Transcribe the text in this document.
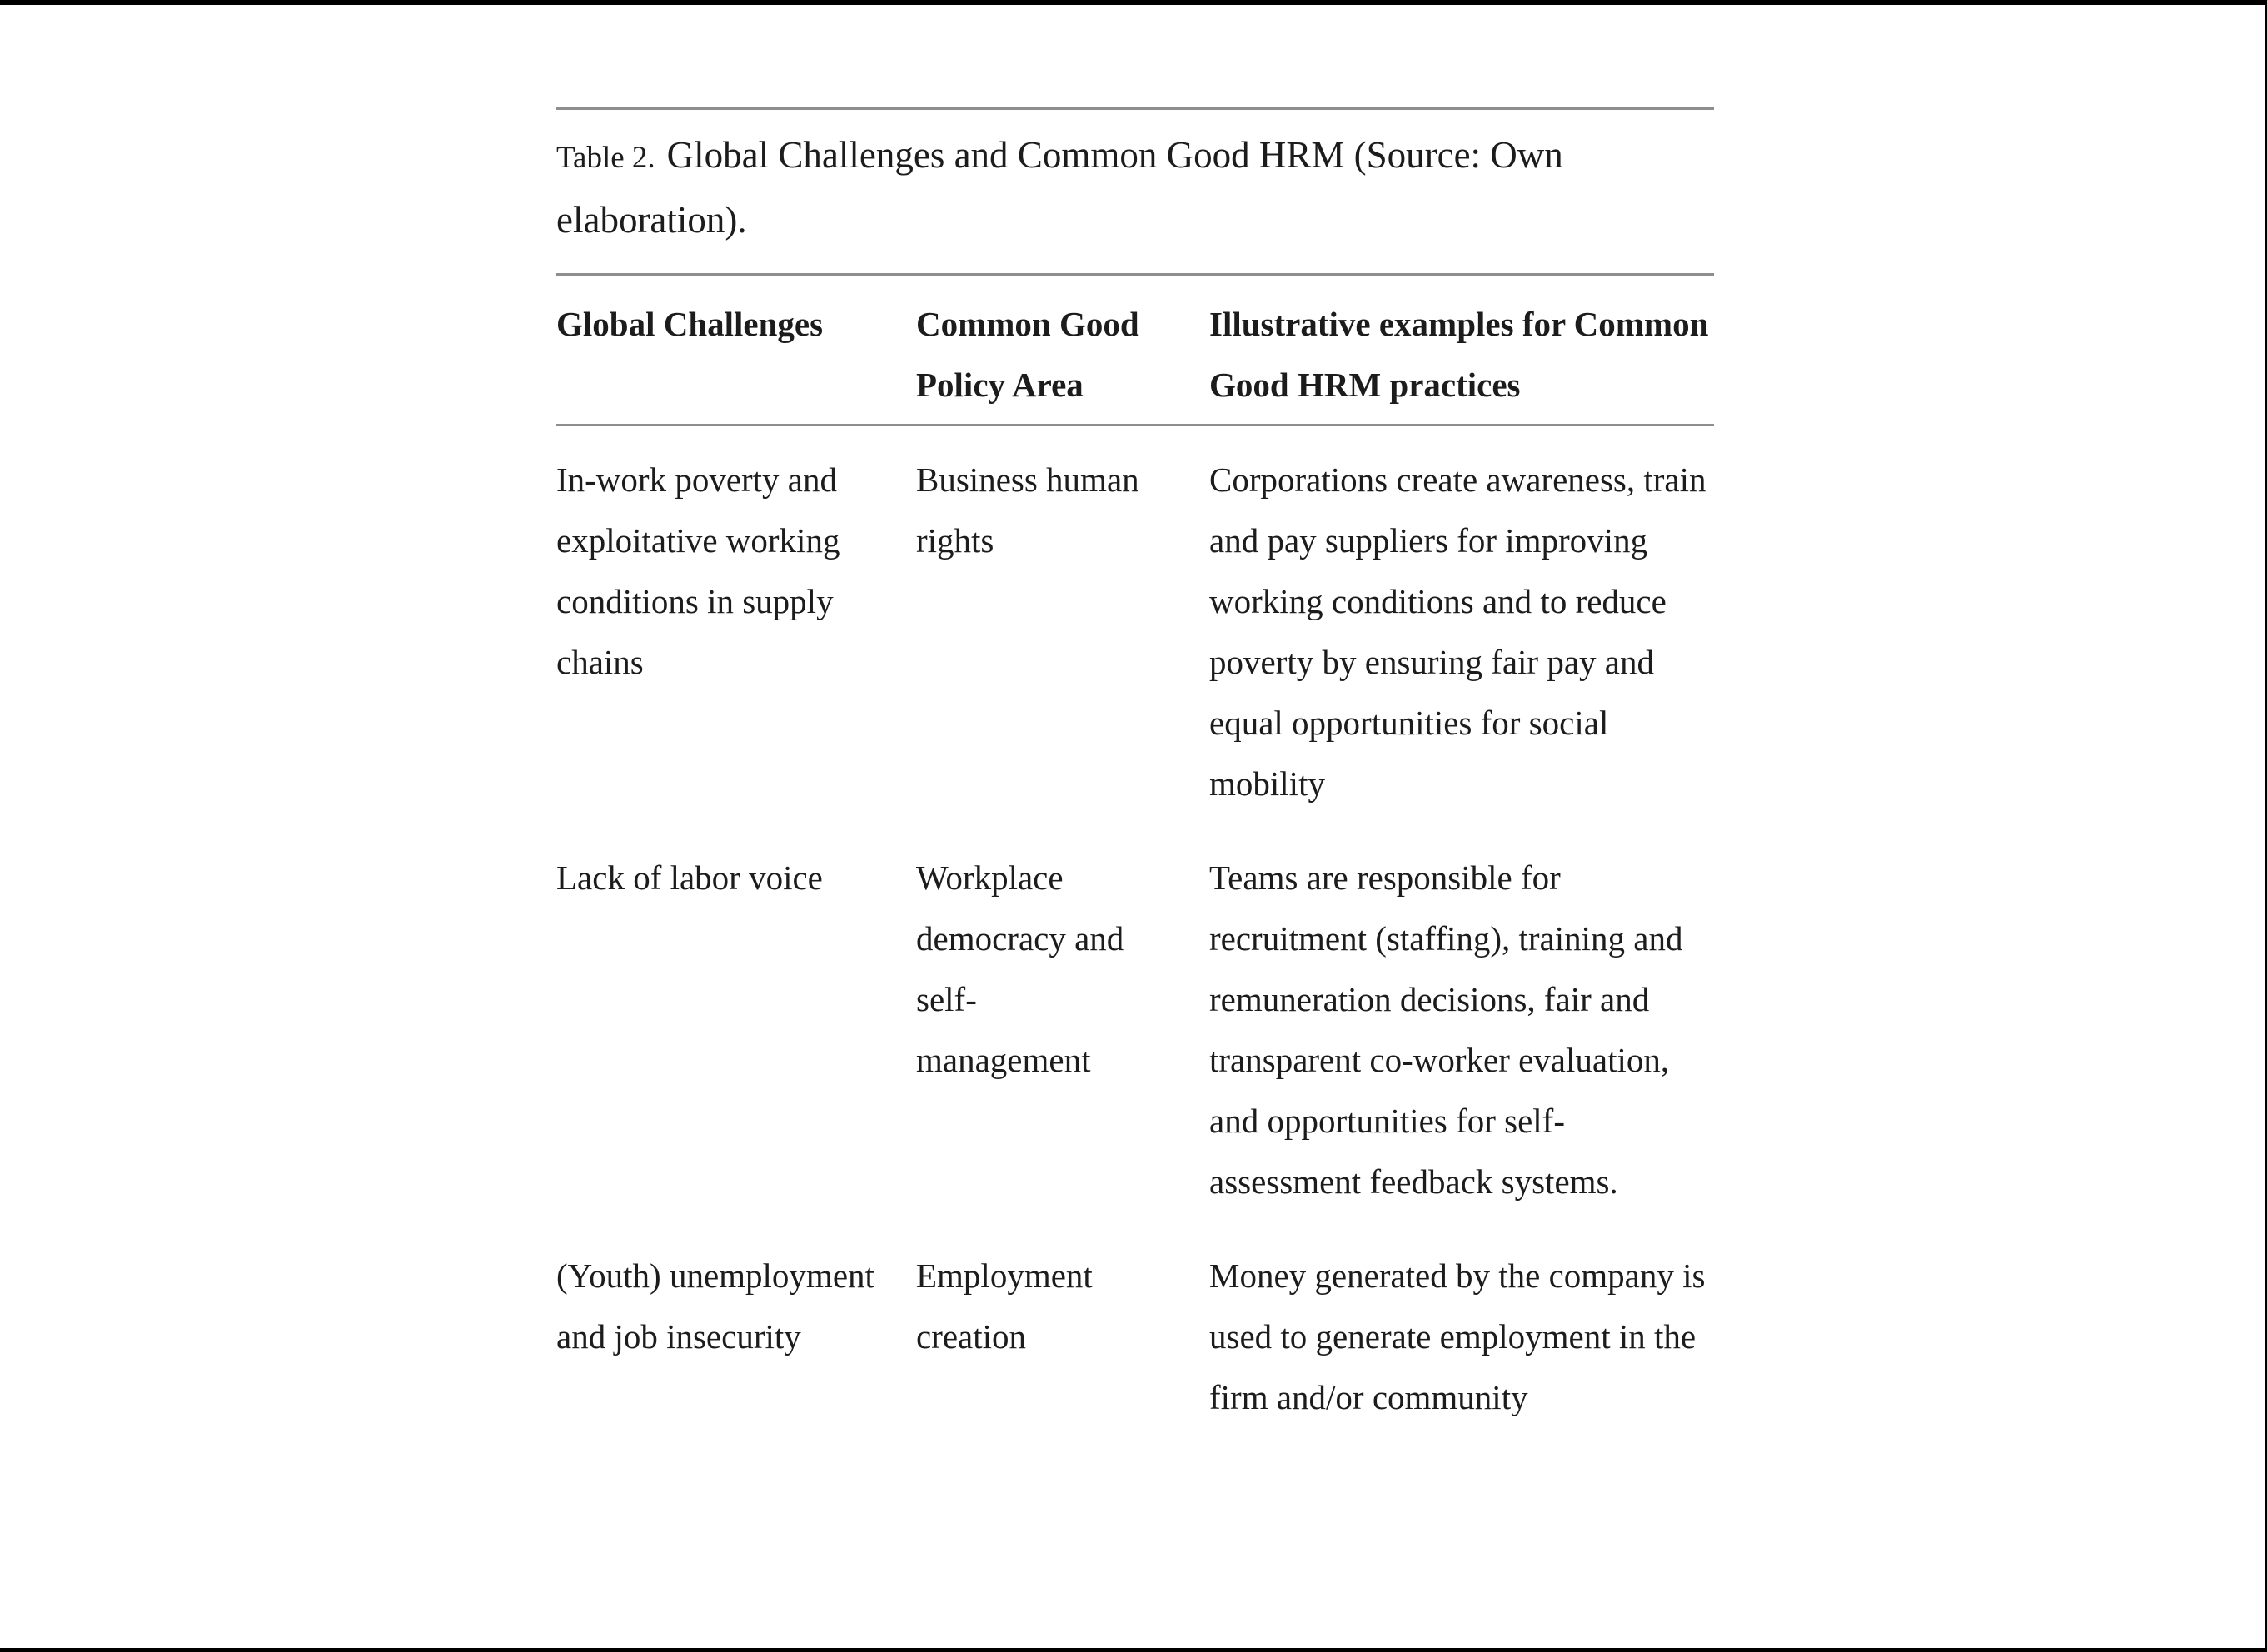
Table 2. Global Challenges and Common Good HRM (Source: Own elaboration).

Global Challenges	Common Good Policy Area	Illustrative examples for Common Good HRM practices
In-work poverty and exploitative working conditions in supply chains	Business human rights	Corporations create awareness, train and pay suppliers for improving working conditions and to reduce poverty by ensuring fair pay and equal opportunities for social mobility
Lack of labor voice	Workplace democracy and self-management	Teams are responsible for recruitment (staffing), training and remuneration decisions, fair and transparent co-worker evaluation, and opportunities for self-assessment feedback systems.
(Youth) unemployment and job insecurity	Employment creation	Money generated by the company is used to generate employment in the firm and/or community
